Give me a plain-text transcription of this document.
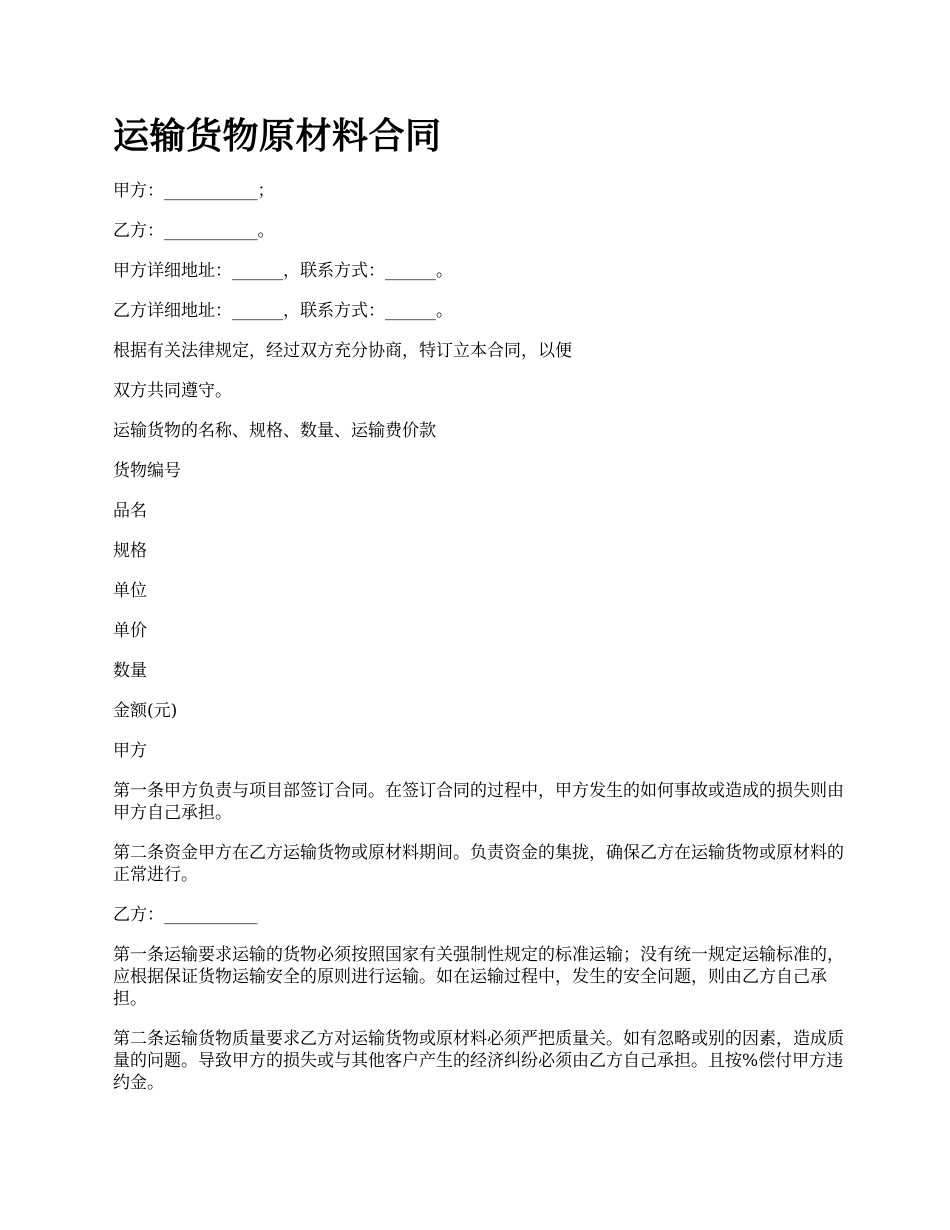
运输货物原材料合同

甲方：___________；

乙方：___________。

甲方详细地址：______，联系方式：______。

乙方详细地址：______，联系方式：______。

根据有关法律规定，经过双方充分协商，特订立本合同，以便

双方共同遵守。

运输货物的名称、规格、数量、运输费价款

货物编号

品名

规格

单位

单价

数量

金额(元)

甲方

第一条甲方负责与项目部签订合同。在签订合同的过程中，甲方发生的如何事故或造成的损失则由甲方自己承担。

第二条资金甲方在乙方运输货物或原材料期间。负责资金的集拢，确保乙方在运输货物或原材料的正常进行。

乙方：___________

第一条运输要求运输的货物必须按照国家有关强制性规定的标准运输；没有统一规定运输标准的，应根据保证货物运输安全的原则进行运输。如在运输过程中，发生的安全问题，则由乙方自己承担。

第二条运输货物质量要求乙方对运输货物或原材料必须严把质量关。如有忽略或别的因素，造成质量的问题。导致甲方的损失或与其他客户产生的经济纠纷必须由乙方自己承担。且按%偿付甲方违约金。
